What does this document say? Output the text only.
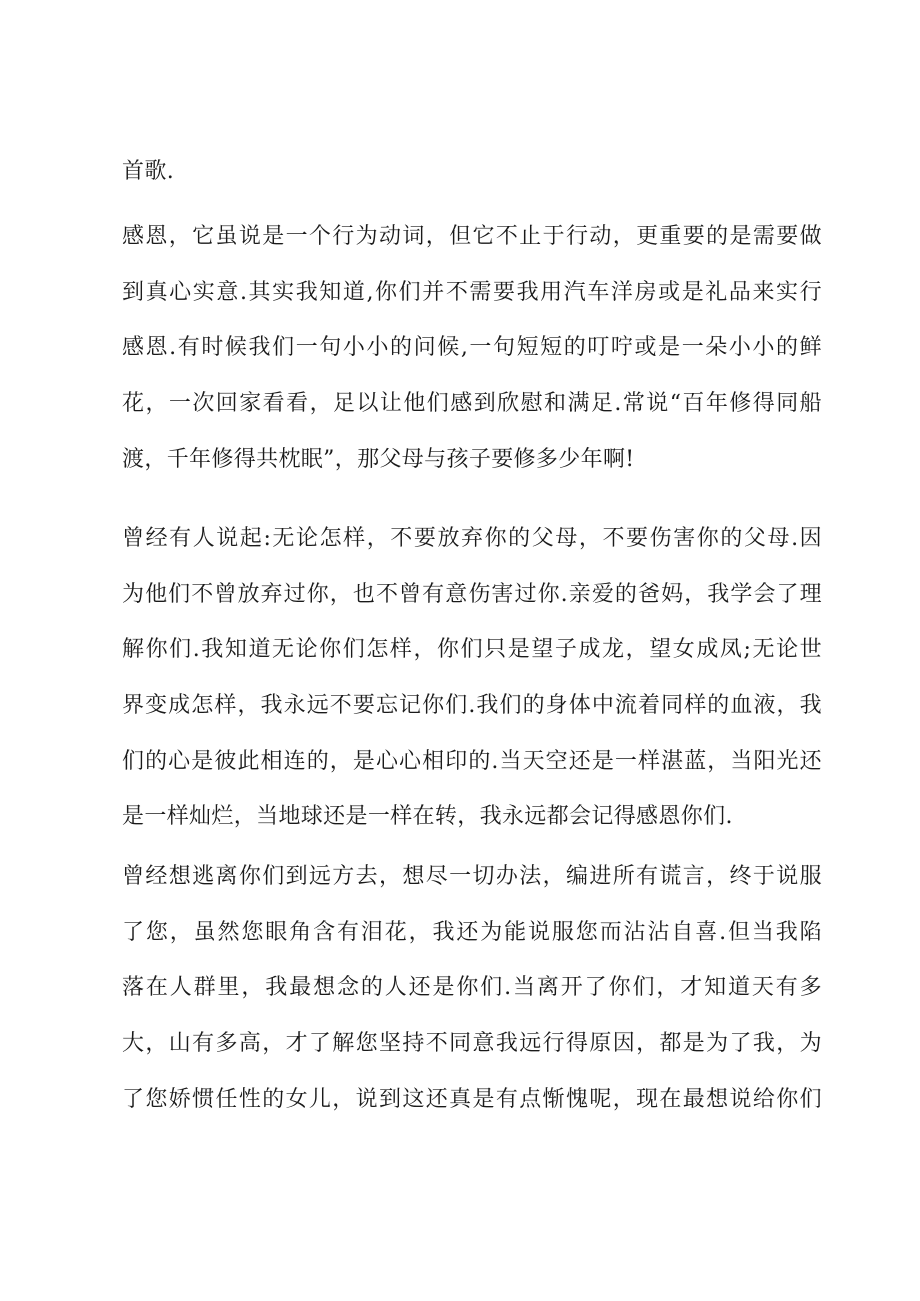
首歌.
感恩，它虽说是一个行为动词，但它不止于行动，更重要的是需要做
到真心实意.其实我知道,你们并不需要我用汽车洋房或是礼品来实行
感恩.有时候我们一句小小的问候,一句短短的叮咛或是一朵小小的鲜
花，一次回家看看，足以让他们感到欣慰和满足.常说“百年修得同船
渡，千年修得共枕眠”，那父母与孩子要修多少年啊!
曾经有人说起:无论怎样，不要放弃你的父母，不要伤害你的父母.因
为他们不曾放弃过你，也不曾有意伤害过你.亲爱的爸妈，我学会了理
解你们.我知道无论你们怎样，你们只是望子成龙，望女成凤;无论世
界变成怎样，我永远不要忘记你们.我们的身体中流着同样的血液，我
们的心是彼此相连的，是心心相印的.当天空还是一样湛蓝，当阳光还
是一样灿烂，当地球还是一样在转，我永远都会记得感恩你们.
曾经想逃离你们到远方去，想尽一切办法，编进所有谎言，终于说服
了您，虽然您眼角含有泪花，我还为能说服您而沾沾自喜.但当我陷
落在人群里，我最想念的人还是你们.当离开了你们，才知道天有多
大，山有多高，才了解您坚持不同意我远行得原因，都是为了我，为
了您娇惯任性的女儿，说到这还真是有点惭愧呢，现在最想说给你们
